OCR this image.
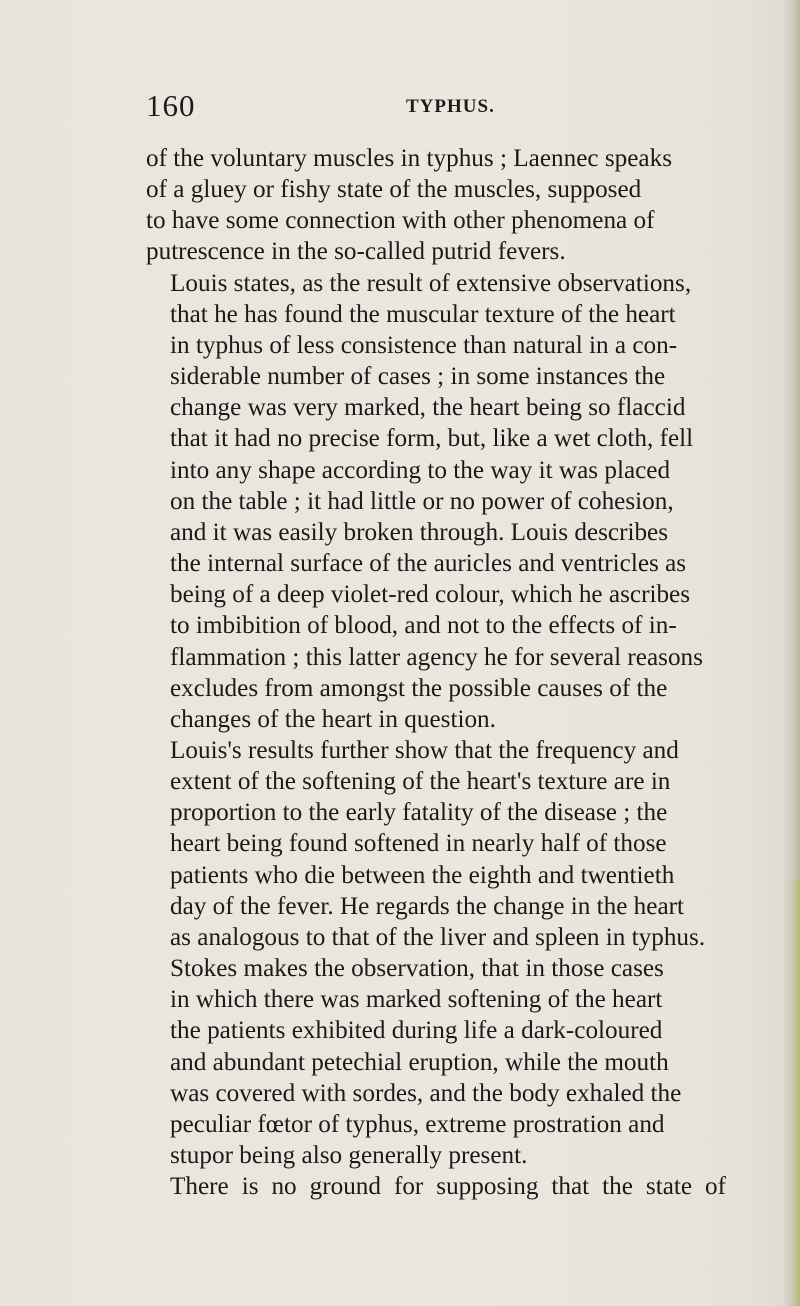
160	TYPHUS.

of the voluntary muscles in typhus ; Laennec speaks
of a gluey or fishy state of the muscles, supposed
to have some connection with other phenomena of
putrescence in the so-called putrid fevers.

Louis states, as the result of extensive observations,
that he has found the muscular texture of the heart
in typhus of less consistence than natural in a con-
siderable number of cases ; in some instances the
change was very marked, the heart being so flaccid
that it had no precise form, but, like a wet cloth, fell
into any shape according to the way it was placed
on the table ; it had little or no power of cohesion,
and it was easily broken through. Louis describes
the internal surface of the auricles and ventricles as
being of a deep violet-red colour, which he ascribes
to imbibition of blood, and not to the effects of in-
flammation ; this latter agency he for several reasons
excludes from amongst the possible causes of the
changes of the heart in question.

Louis's results further show that the frequency and
extent of the softening of the heart's texture are in
proportion to the early fatality of the disease ; the
heart being found softened in nearly half of those
patients who die between the eighth and twentieth
day of the fever. He regards the change in the heart
as analogous to that of the liver and spleen in typhus.
Stokes makes the observation, that in those cases
in which there was marked softening of the heart
the patients exhibited during life a dark-coloured
and abundant petechial eruption, while the mouth
was covered with sordes, and the body exhaled the
peculiar fœtor of typhus, extreme prostration and
stupor being also generally present.

There is no ground for supposing that the state of
